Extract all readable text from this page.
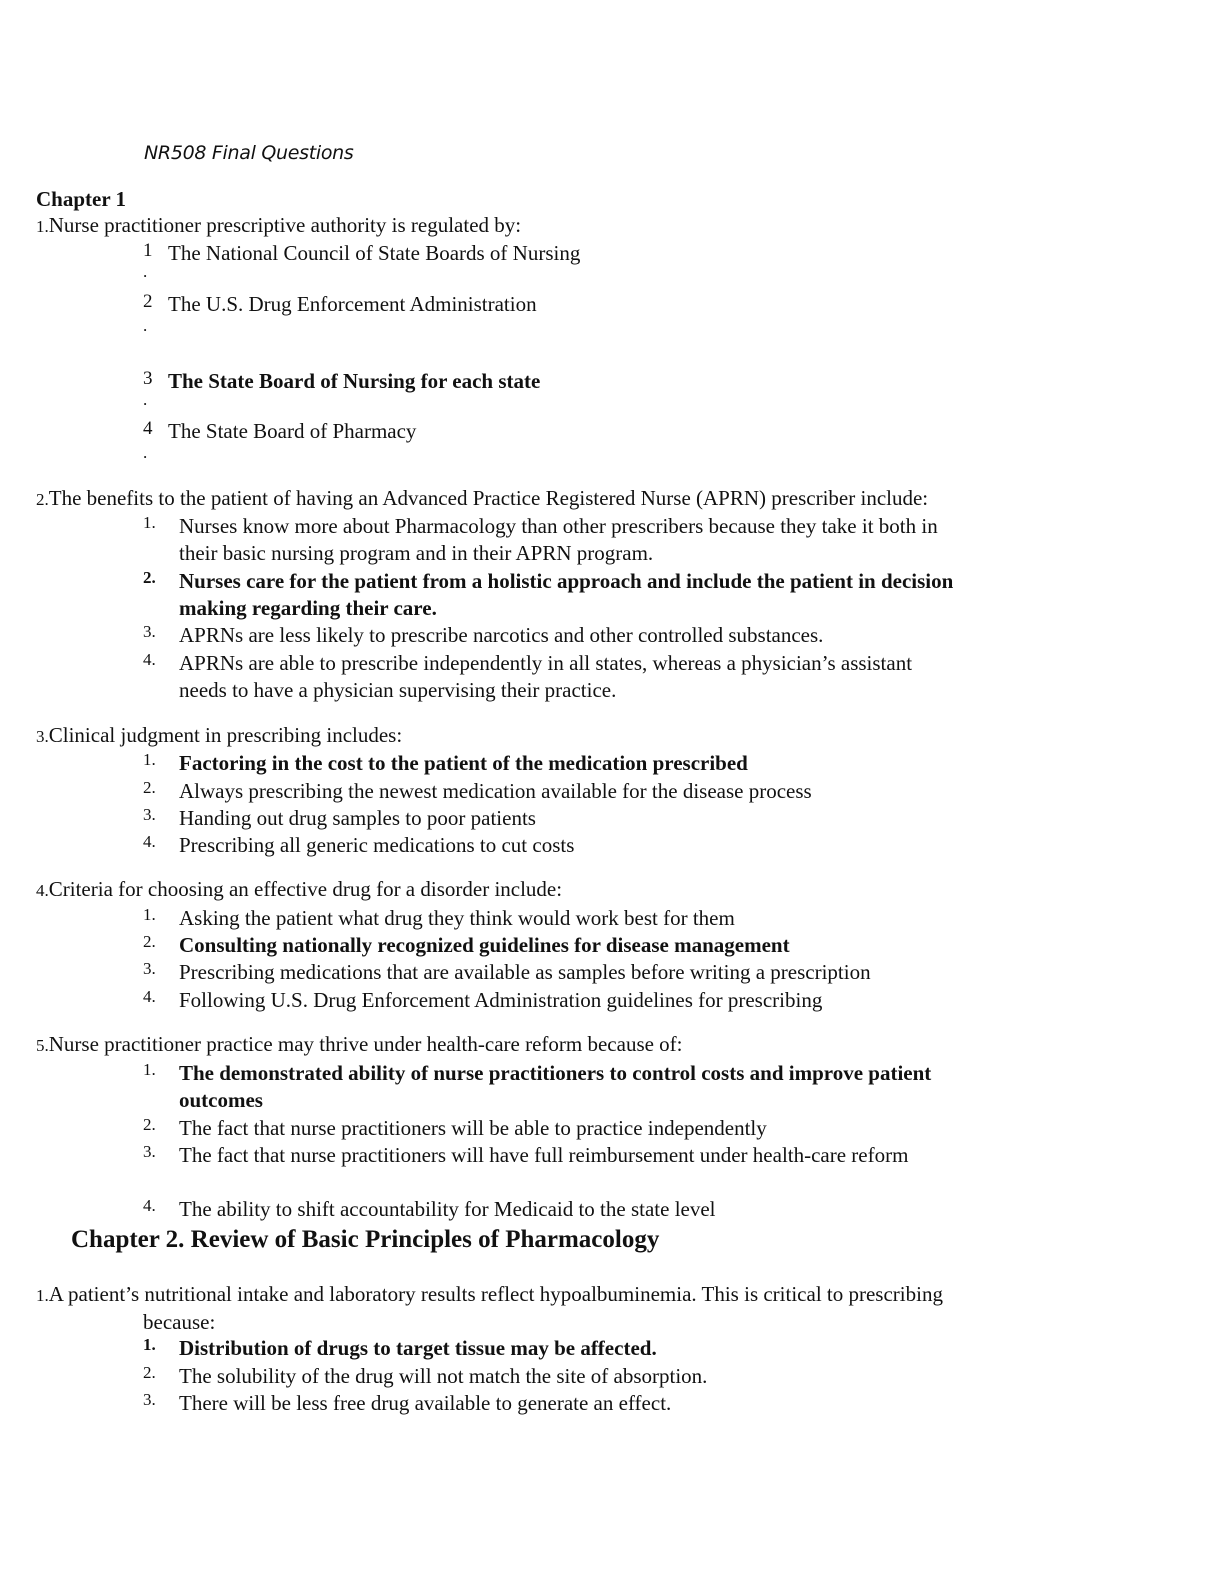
NR508 Final Questions
Chapter 1
1.Nurse practitioner prescriptive authority is regulated by:
1
.
The National Council of State Boards of Nursing
2
.
The U.S. Drug Enforcement Administration
3
.
The State Board of Nursing for each state
4
.
The State Board of Pharmacy
2.The benefits to the patient of having an Advanced Practice Registered Nurse (APRN) prescriber include:
1. Nurses know more about Pharmacology than other prescribers because they take it both in their basic nursing program and in their APRN program.
2. Nurses care for the patient from a holistic approach and include the patient in decision making regarding their care.
3. APRNs are less likely to prescribe narcotics and other controlled substances.
4. APRNs are able to prescribe independently in all states, whereas a physician’s assistant needs to have a physician supervising their practice.
3.Clinical judgment in prescribing includes:
1. Factoring in the cost to the patient of the medication prescribed
2. Always prescribing the newest medication available for the disease process
3. Handing out drug samples to poor patients
4. Prescribing all generic medications to cut costs
4.Criteria for choosing an effective drug for a disorder include:
1. Asking the patient what drug they think would work best for them
2. Consulting nationally recognized guidelines for disease management
3. Prescribing medications that are available as samples before writing a prescription
4. Following U.S. Drug Enforcement Administration guidelines for prescribing
5.Nurse practitioner practice may thrive under health-care reform because of:
1. The demonstrated ability of nurse practitioners to control costs and improve patient outcomes
2. The fact that nurse practitioners will be able to practice independently
3. The fact that nurse practitioners will have full reimbursement under health-care reform
4. The ability to shift accountability for Medicaid to the state level
Chapter 2. Review of Basic Principles of Pharmacology
1.A patient’s nutritional intake and laboratory results reflect hypoalbuminemia. This is critical to prescribing
because:
1. Distribution of drugs to target tissue may be affected.
2. The solubility of the drug will not match the site of absorption.
3. There will be less free drug available to generate an effect.
